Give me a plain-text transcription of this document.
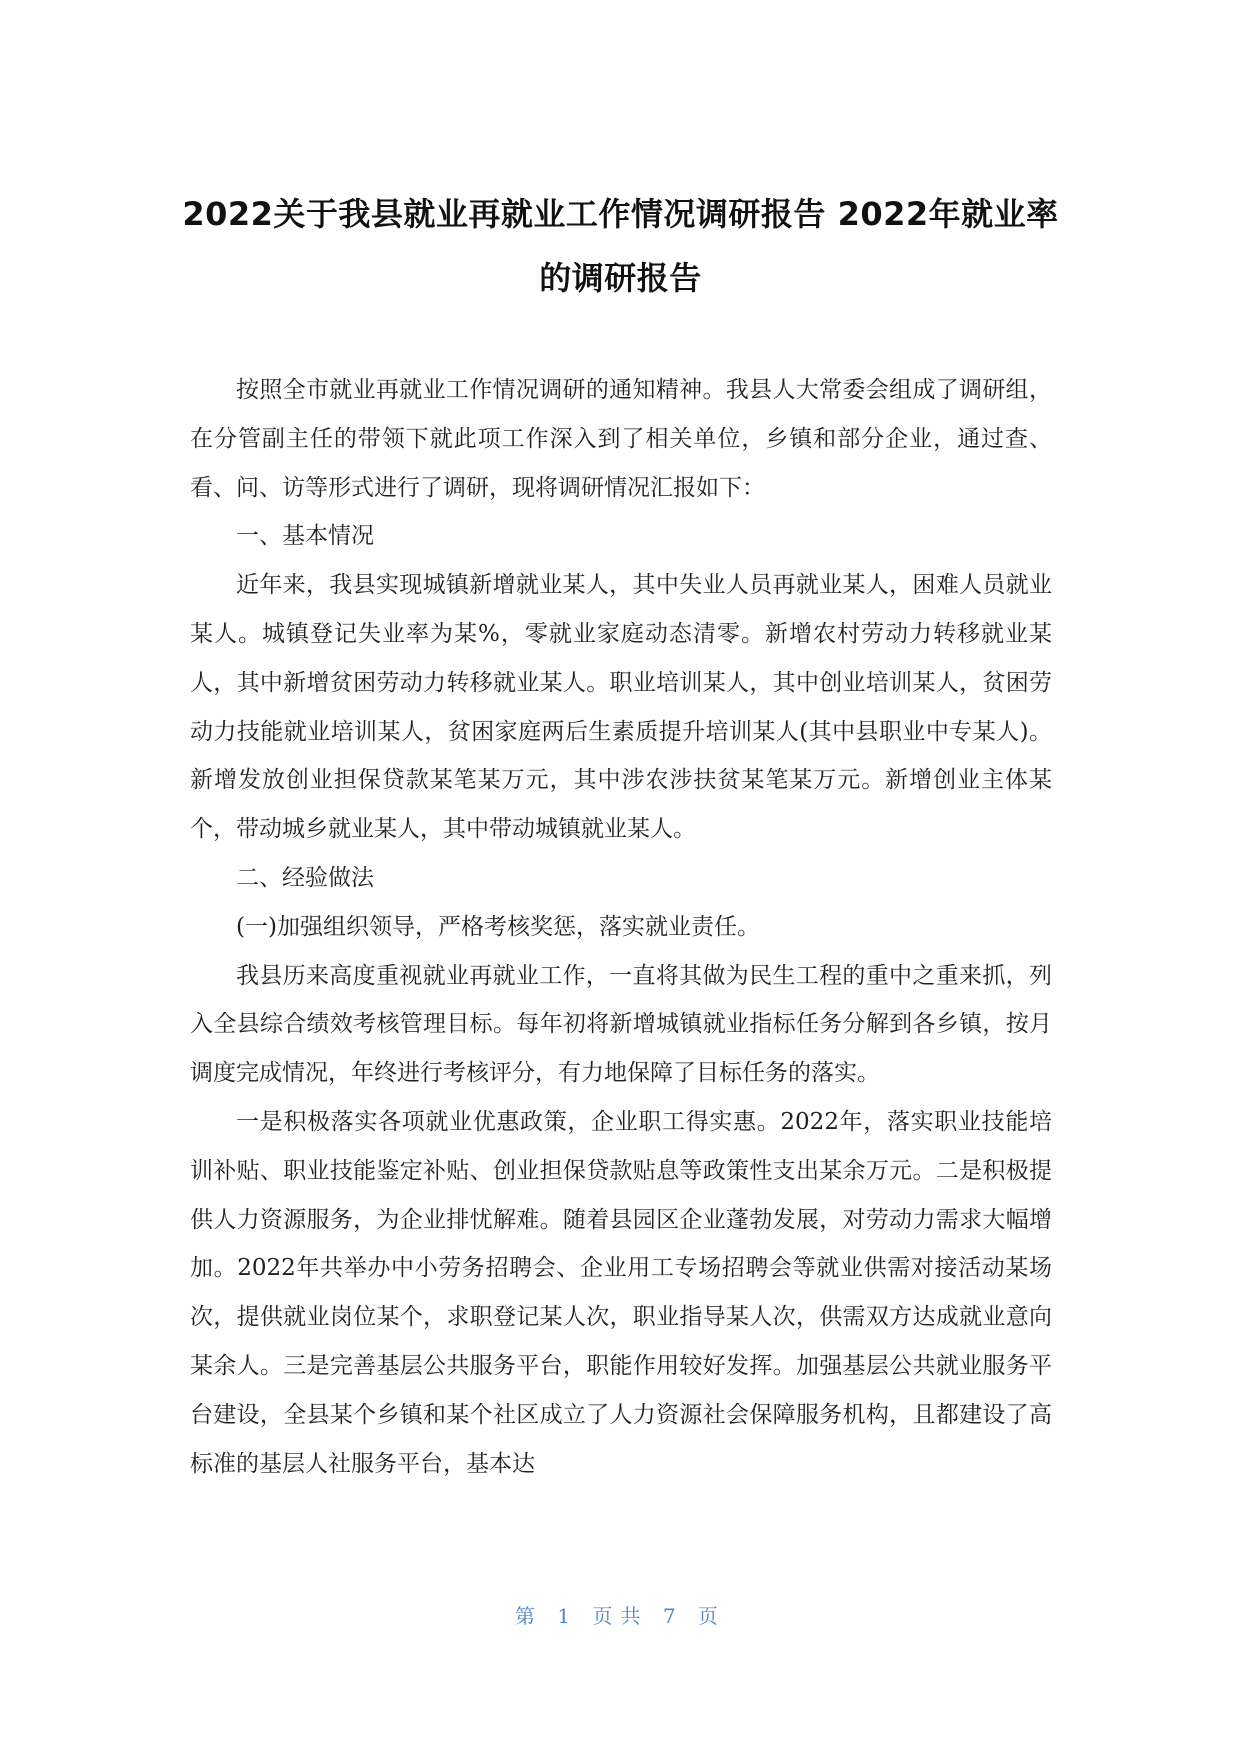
2022关于我县就业再就业工作情况调研报告 2022年就业率的调研报告

按照全市就业再就业工作情况调研的通知精神。我县人大常委会组成了调研组，在分管副主任的带领下就此项工作深入到了相关单位，乡镇和部分企业，通过查、看、问、访等形式进行了调研，现将调研情况汇报如下：

一、基本情况

近年来，我县实现城镇新增就业某人，其中失业人员再就业某人，困难人员就业某人。城镇登记失业率为某%，零就业家庭动态清零。新增农村劳动力转移就业某人，其中新增贫困劳动力转移就业某人。职业培训某人，其中创业培训某人，贫困劳动力技能就业培训某人，贫困家庭两后生素质提升培训某人(其中县职业中专某人)。新增发放创业担保贷款某笔某万元，其中涉农涉扶贫某笔某万元。新增创业主体某个，带动城乡就业某人，其中带动城镇就业某人。

二、经验做法

(一)加强组织领导，严格考核奖惩，落实就业责任。

我县历来高度重视就业再就业工作，一直将其做为民生工程的重中之重来抓，列入全县综合绩效考核管理目标。每年初将新增城镇就业指标任务分解到各乡镇，按月调度完成情况，年终进行考核评分，有力地保障了目标任务的落实。

一是积极落实各项就业优惠政策，企业职工得实惠。2022年，落实职业技能培训补贴、职业技能鉴定补贴、创业担保贷款贴息等政策性支出某余万元。二是积极提供人力资源服务，为企业排忧解难。随着县园区企业蓬勃发展，对劳动力需求大幅增加。2022年共举办中小劳务招聘会、企业用工专场招聘会等就业供需对接活动某场次，提供就业岗位某个，求职登记某人次，职业指导某人次，供需双方达成就业意向某余人。三是完善基层公共服务平台，职能作用较好发挥。加强基层公共就业服务平台建设，全县某个乡镇和某个社区成立了人力资源社会保障服务机构，且都建设了高标准的基层人社服务平台，基本达

第 1 页共 7 页
